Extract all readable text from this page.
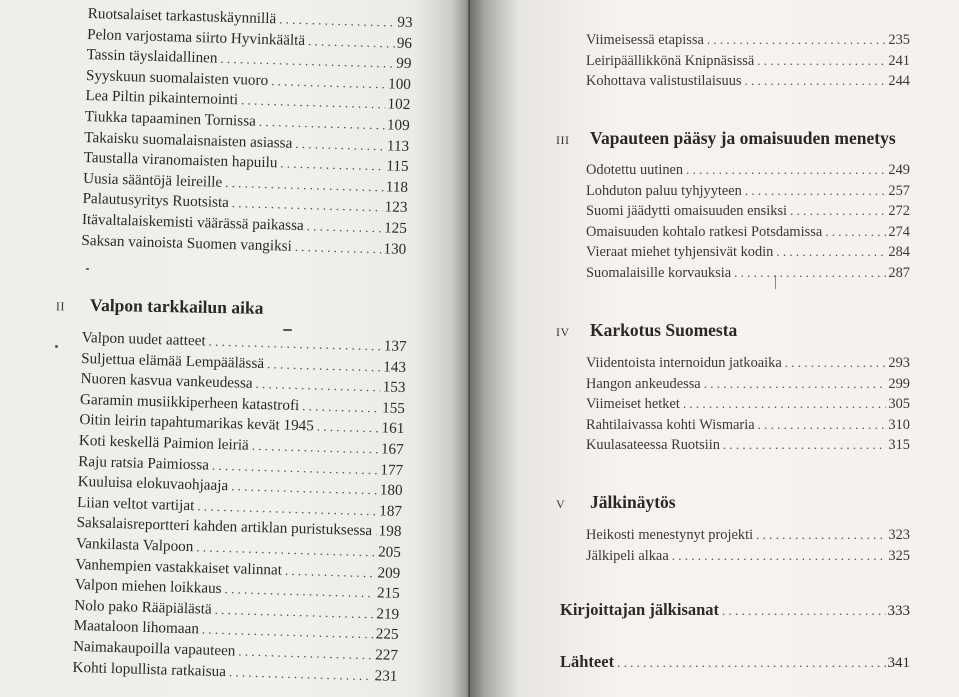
Ruotsalaiset tarkastuskäynnillä . . .	93
Pelon varjostama siirto Hyvinkäältä . . .	96
Tassin täyslaidallinen . . .	99
Syyskuun suomalaisten vuoro . . .	100
Lea Piltin pikainternointi . . .	102
Tiukka tapaaminen Tornissa . . .	109
Takaisku suomalaisnaisten asiassa . . .	113
Taustalla viranomaisten hapuilu . . .	115
Uusia sääntöjä leireille . . .	118
Palautusyritys Ruotsista . . .	123
Itävaltalaiskemisti väärässä paikassa . . .	125
Saksan vainoista Suomen vangiksi . . .	130
II	Valpon tarkkailun aika
Valpon uudet aatteet . . .	137
Suljettua elämää Lempäälässä . . .	143
Nuoren kasvua vankeudessa . . .	153
Garamin musiikkiperheen katastrofi . . .	155
Oitin leirin tapahtumarikas kevät 1945 . . .	161
Koti keskellä Paimion leiriä . . .	167
Raju ratsia Paimiossa . . .	177
Kuuluisa elokuvaohjaaja . . .	180
Liian veltot vartijat . . .	187
Saksalaisreportteri kahden artiklan puristuksessa . . . 198
Vankilasta Valpoon . . .	205
Vanhempien vastakkaiset valinnat . . .	209
Valpon miehen loikkaus . . .	215
Nolo pako Rääpiälästä . . .	219
Maataloon lihomaan . . .	225
Naimakaupoilla vapauteen . . .	227
Kohti lopullista ratkaisua . . .	231
Viimeisessä etapissa . . .	235
Leiripäällikkönä Knipnäsissä . . .	241
Kohottava valistustilaisuus . . .	244
III	Vapauteen pääsy ja omaisuuden menetys
Odotettu uutinen . . .	249
Lohduton paluu tyhjyyteen . . .	257
Suomi jäädytti omaisuuden ensiksi . . .	272
Omaisuuden kohtalo ratkesi Potsdamissa . . .	274
Vieraat miehet tyhjensivät kodin . . .	284
Suomalaisille korvauksia . . .	287
IV	Karkotus Suomesta
Viidentoista internoidun jatkoaika . . .	293
Hangon ankeudessa . . .	299
Viimeiset hetket . . .	305
Rahtilaivassa kohti Wismaria . . .	310
Kuulasateessa Ruotsiin . . .	315
V	Jälkinäytös
Heikosti menestynyt projekti . . .	323
Jälkipeli alkaa . . .	325
Kirjoittajan jälkisanat . . .	333
Lähteet . . .	341
